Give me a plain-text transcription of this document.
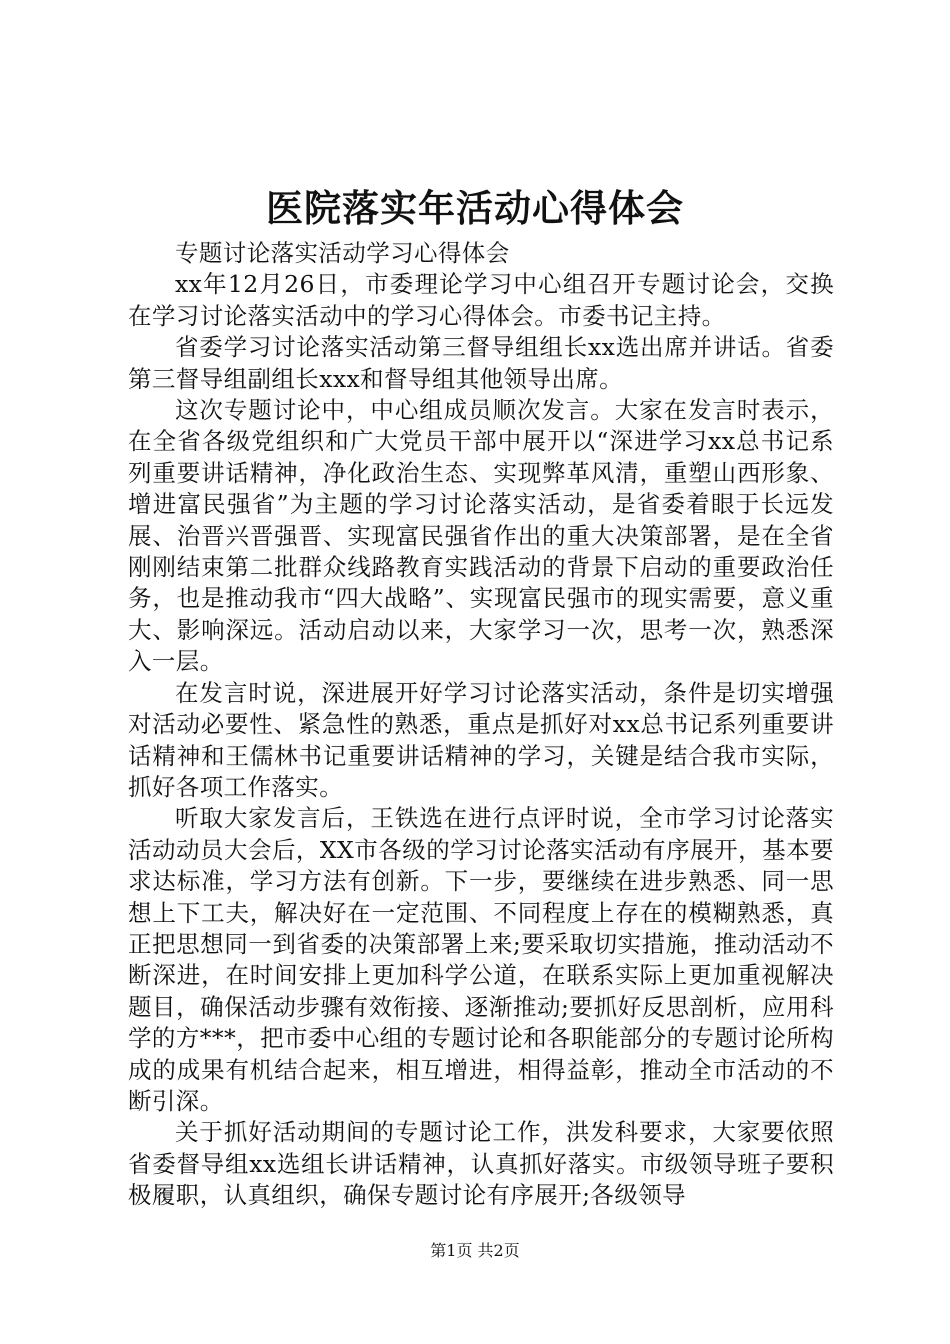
医院落实年活动心得体会

专题讨论落实活动学习心得体会

xx年12月26日，市委理论学习中心组召开专题讨论会，交换在学习讨论落实活动中的学习心得体会。市委书记主持。

省委学习讨论落实活动第三督导组组长xx选出席并讲话。省委第三督导组副组长xxx和督导组其他领导出席。

这次专题讨论中，中心组成员顺次发言。大家在发言时表示，在全省各级党组织和广大党员干部中展开以“深进学习xx总书记系列重要讲话精神，净化政治生态、实现弊革风清，重塑山西形象、增进富民强省”为主题的学习讨论落实活动，是省委着眼于长远发展、治晋兴晋强晋、实现富民强省作出的重大决策部署，是在全省刚刚结束第二批群众线路教育实践活动的背景下启动的重要政治任务，也是推动我市“四大战略”、实现富民强市的现实需要，意义重大、影响深远。活动启动以来，大家学习一次，思考一次，熟悉深入一层。

在发言时说，深进展开好学习讨论落实活动，条件是切实增强对活动必要性、紧急性的熟悉，重点是抓好对xx总书记系列重要讲话精神和王儒林书记重要讲话精神的学习，关键是结合我市实际，抓好各项工作落实。

听取大家发言后，王铁选在进行点评时说，全市学习讨论落实活动动员大会后，XX市各级的学习讨论落实活动有序展开，基本要求达标准，学习方法有创新。下一步，要继续在进步熟悉、同一思想上下工夫，解决好在一定范围、不同程度上存在的模糊熟悉，真正把思想同一到省委的决策部署上来;要采取切实措施，推动活动不断深进，在时间安排上更加科学公道，在联系实际上更加重视解决题目，确保活动步骤有效衔接、逐渐推动;要抓好反思剖析，应用科学的方***，把市委中心组的专题讨论和各职能部分的专题讨论所构成的成果有机结合起来，相互增进，相得益彰，推动全市活动的不断引深。

关于抓好活动期间的专题讨论工作，洪发科要求，大家要依照省委督导组xx选组长讲话精神，认真抓好落实。市级领导班子要积极履职，认真组织，确保专题讨论有序展开;各级领导

第1页 共2页
